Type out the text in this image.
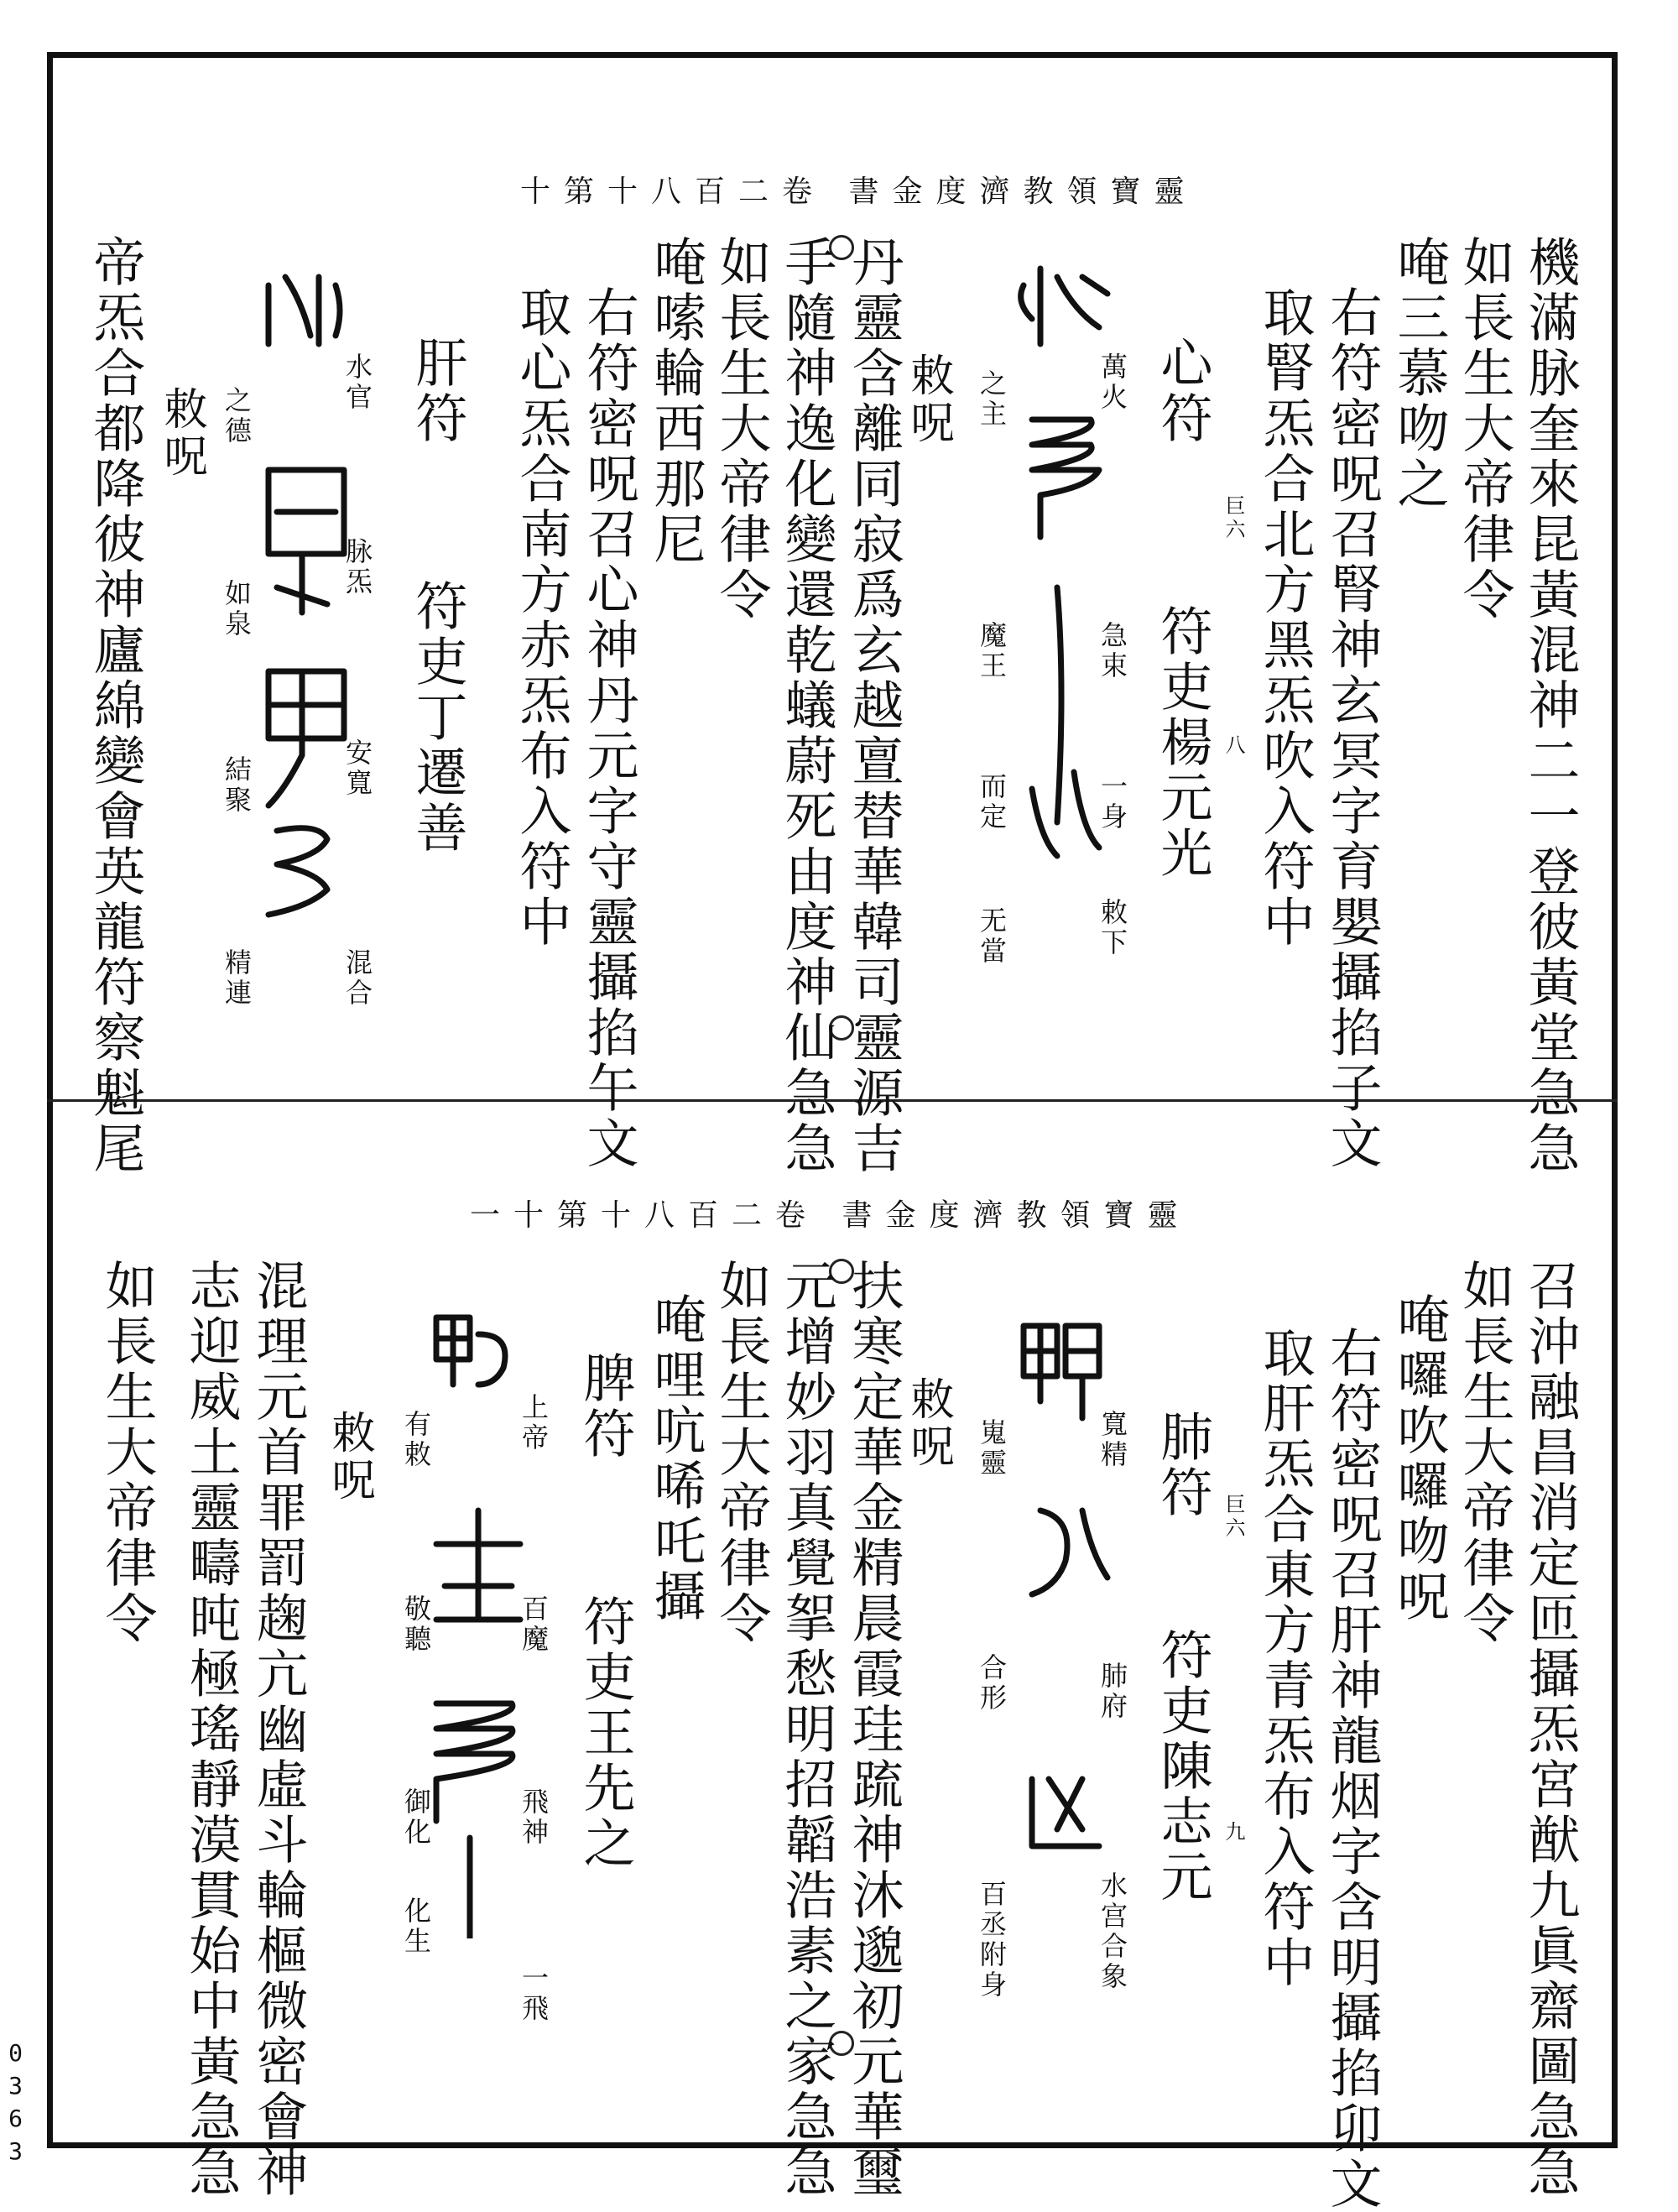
0363
靈寶領教濟度金書 卷二百八十第十
機滿脉奎來昆黃混神二一登彼黃堂急急
如長生大帝律令
唵三慕吻之
右符密呪召腎神玄冥字育嬰攝掐子文
取腎炁合北方黑炁吹入符中
巨六
八
心符
符吏楊元光
萬火
急束
一身
敕下
之主
魔王
而定
无當
敕呪
丹靈含離同寂爲玄越亶替華韓司靈源吉
手隨神逸化變還乾蟻蔚死由度神仙急急
如長生大帝律令
唵嗦輪西那尼
右符密呪召心神丹元字守靈攝掐午文
取心炁合南方赤炁布入符中
肝符
符吏丁遷善
水官
脉炁
安寬
混合
之德
如泉
結聚
精連
敕呪
帝炁合都降彼神廬綿變會英龍符察魁尾
靈寶領教濟度金書 卷二百八十第十一
召沖融昌消定匝攝炁宮猷九眞齋圖急急
如長生大帝律令
唵囉吹囉吻呪
右符密呪召肝神龍烟字含明攝掐卯文
取肝炁合東方青炁布入符中
巨六
九
肺符
符吏陳志元
寬精
肺府
水宫合象
嵬靈
合形
百丞附身
敕呪
扶寒定華金精晨霞珪䟽神沐邈初元華璽
元增妙羽真覺挐愁明招韜浩素之家急急
如長生大帝律令
唵哩吭唏吒攝
脾符
符吏王先之
上帝
百魔
飛神
一飛
有敕
敬聽
御化
化生
敕呪
混理元首罪罰趜亢幽虛斗輪樞微密會神
志迎威土靈疇旽極瑤靜漠貫始中黃急急
如長生大帝律令
